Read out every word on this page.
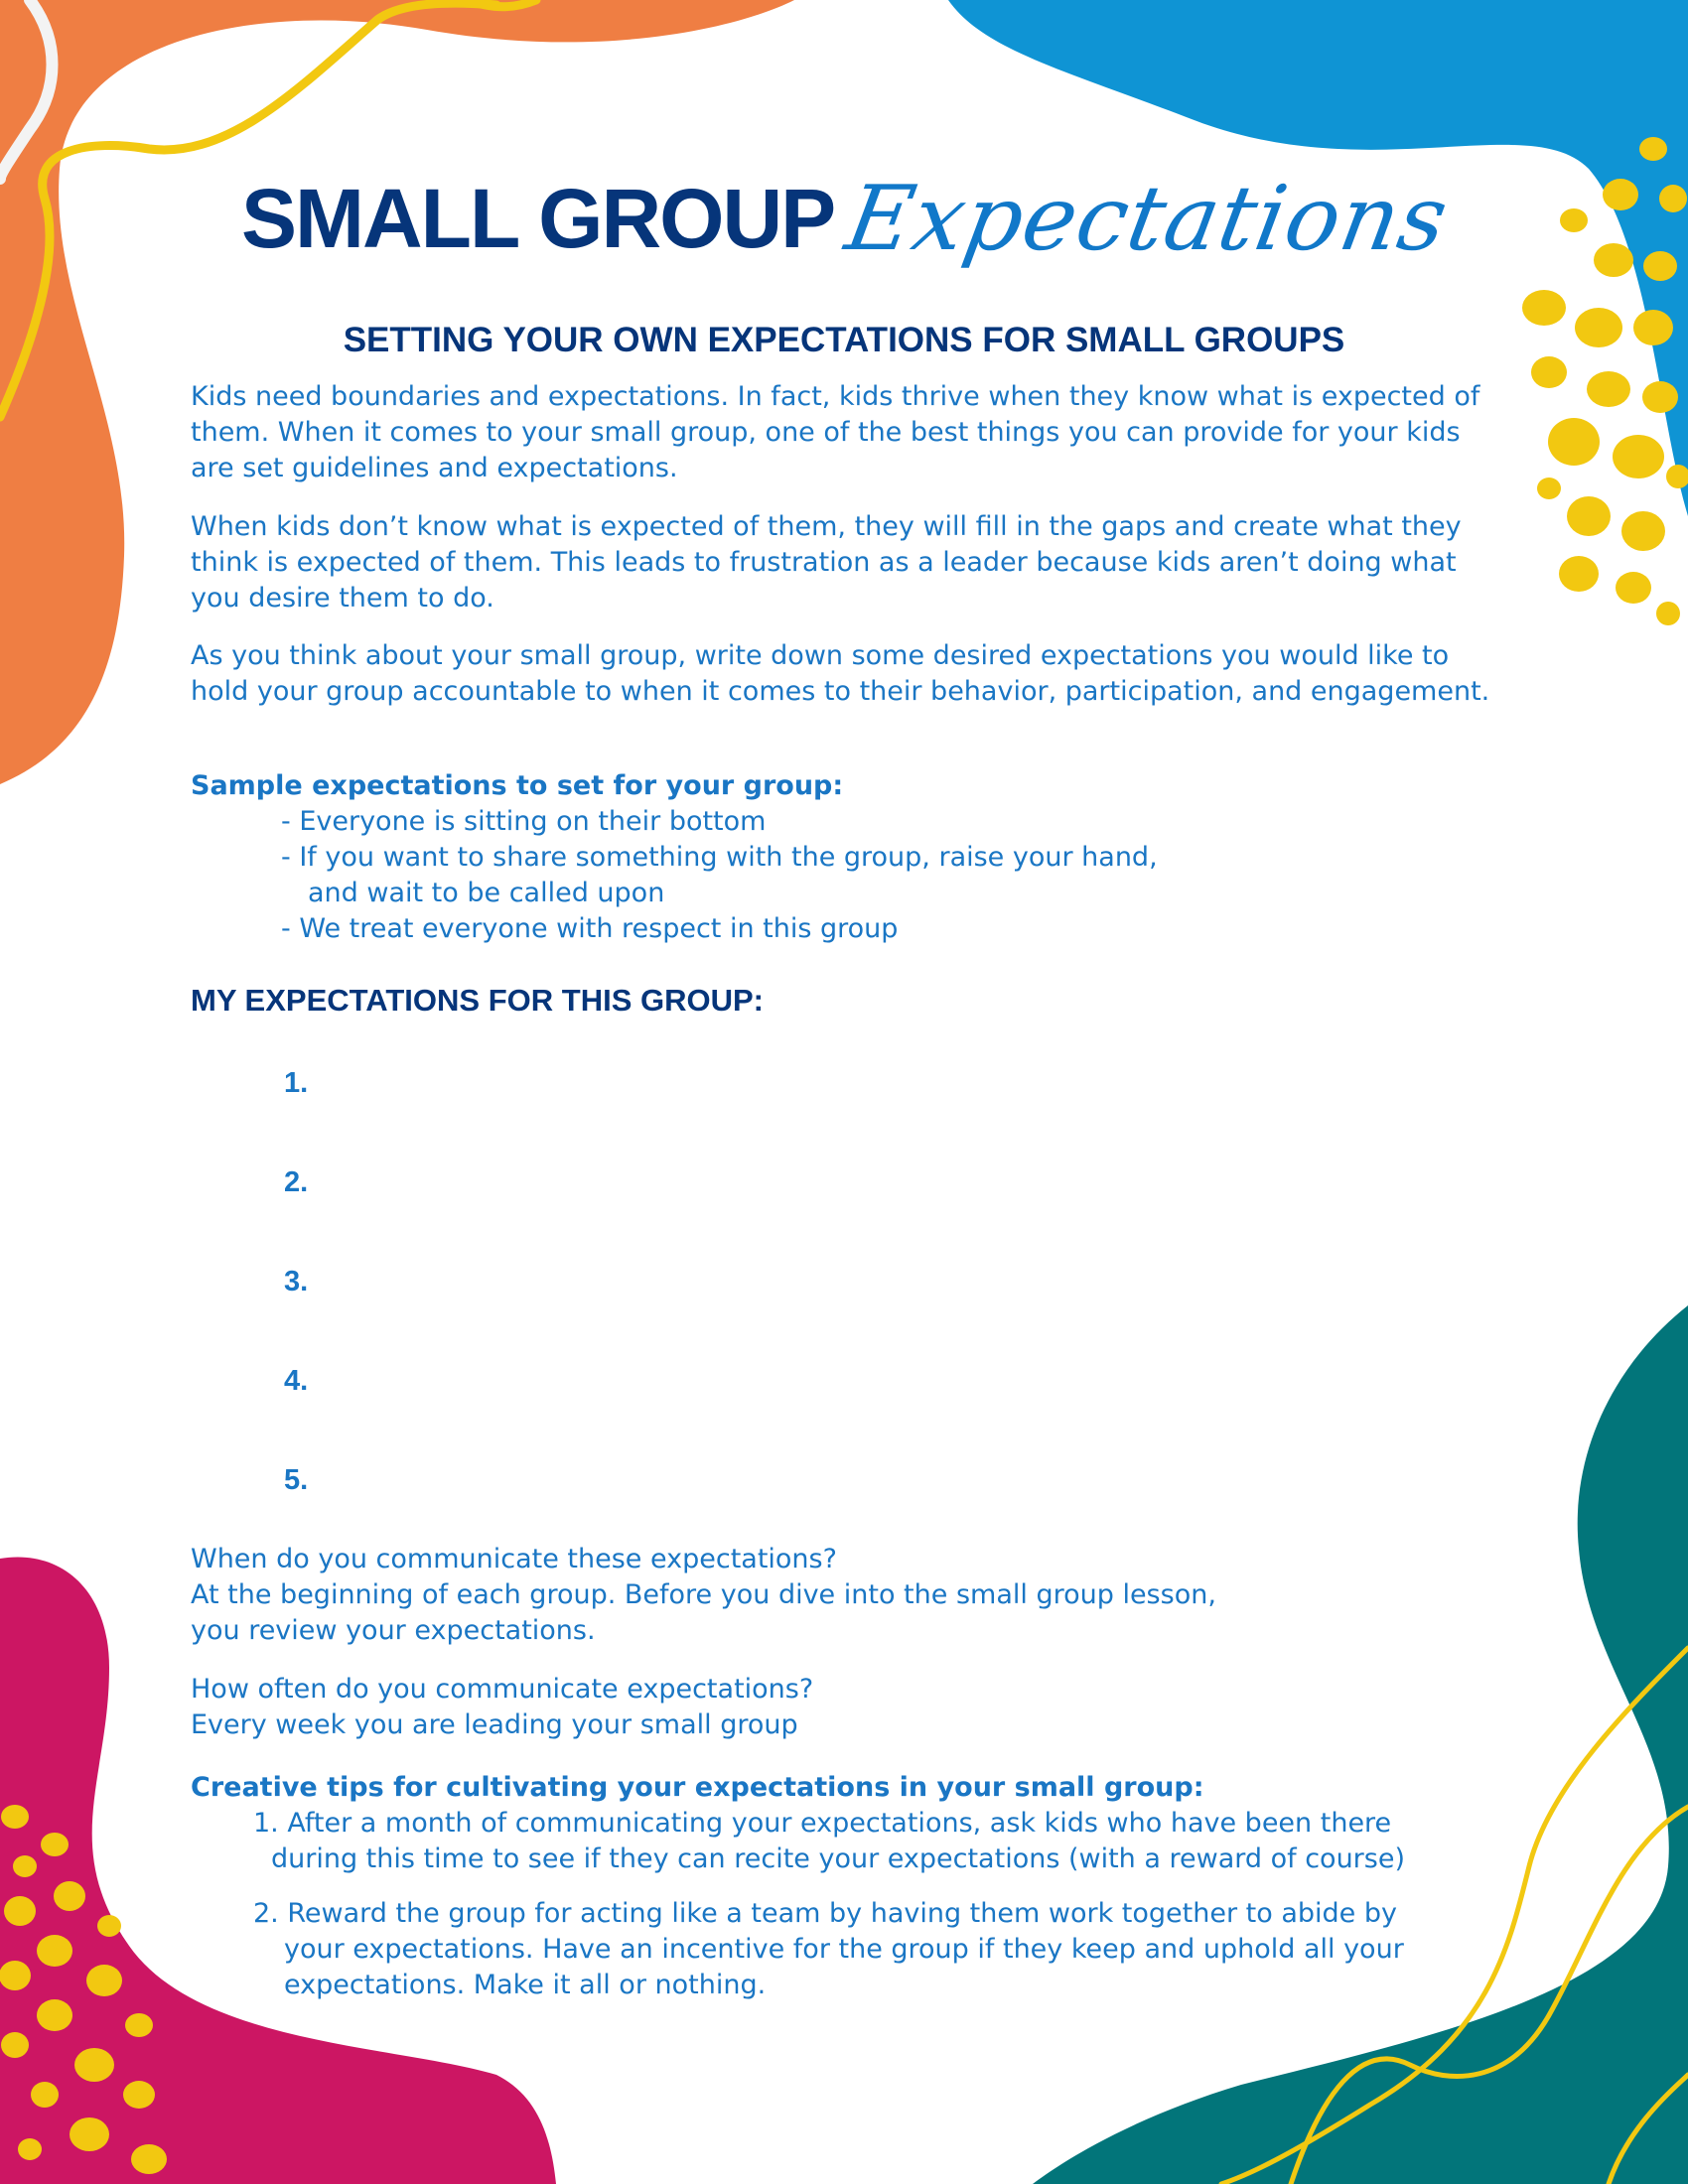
SMALL GROUPExpectations
SETTING YOUR OWN EXPECTATIONS FOR SMALL GROUPS

Kids need boundaries and expectations. In fact, kids thrive when they know what is expected of them. When it comes to your small group, one of the best things you can provide for your kids are set guidelines and expectations.

When kids don’t know what is expected of them, they will fill in the gaps and create what they think is expected of them. This leads to frustration as a leader because kids aren’t doing what you desire them to do.

As you think about your small group, write down some desired expectations you would like to hold your group accountable to when it comes to their behavior, participation, and engagement.

Sample expectations to set for your group:

- Everyone is sitting on their bottom

- If you want to share something with the group, raise your hand,

and wait to be called upon

- We treat everyone with respect in this group

MY EXPECTATIONS FOR THIS GROUP:

1.

2.

3.

4.

5.

When do you communicate these expectations?

At the beginning of each group. Before you dive into the small group lesson,

you review your expectations.

How often do you communicate expectations?

Every week you are leading your small group

Creative tips for cultivating your expectations in your small group:

1. After a month of communicating your expectations, ask kids who have been there

during this time to see if they can recite your expectations (with a reward of course)

2. Reward the group for acting like a team by having them work together to abide by

your expectations. Have an incentive for the group if they keep and uphold all your

expectations. Make it all or nothing.
